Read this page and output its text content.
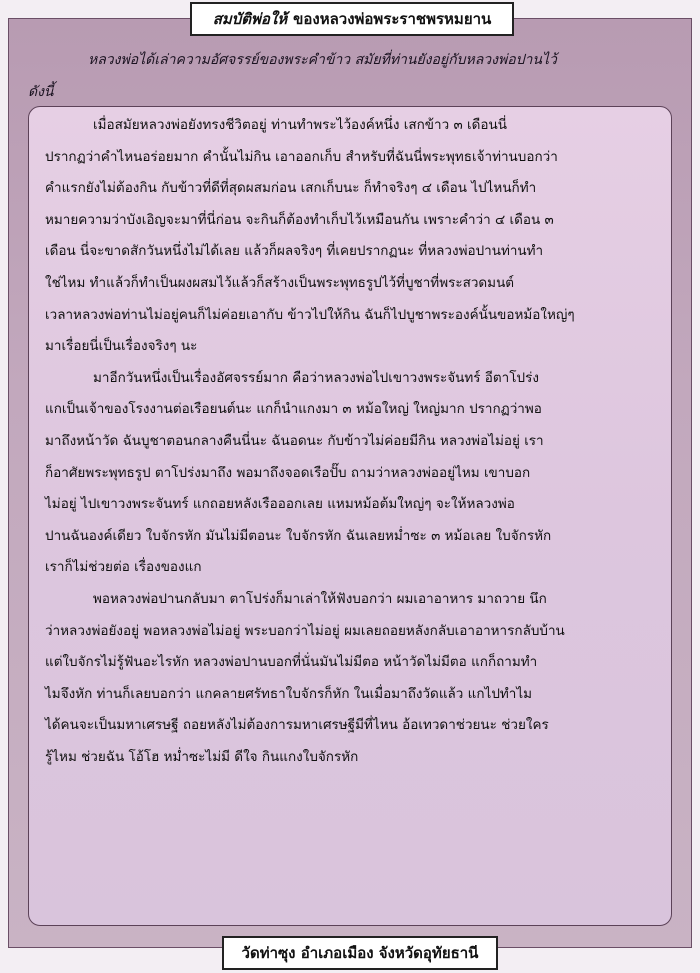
สมบัติพ่อให้ ของหลวงพ่อพระราชพรหมยาน
หลวงพ่อได้เล่าความอัศจรรย์ของพระคำข้าว สมัยที่ท่านยังอยู่กับหลวงพ่อปานไว้
ดังนี้
เมื่อสมัยหลวงพ่อยังทรงชีวิตอยู่ ท่านทำพระไว้องค์หนึ่ง เสกข้าว ๓ เดือนนี่
ปรากฏว่าคำไหนอร่อยมาก คำนั้นไม่กิน เอาออกเก็บ สำหรับที่ฉันนี่พระพุทธเจ้าท่านบอกว่า
คำแรกยังไม่ต้องกิน กับข้าวที่ดีที่สุดผสมก่อน เสกเก็บนะ ก็ทำจริงๆ ๔ เดือน ไปไหนก็ทำ
หมายความว่าบังเอิญจะมาที่นี่ก่อน จะกินก็ต้องทำเก็บไว้เหมือนกัน เพราะคำว่า ๔ เดือน ๓
เดือน นี่จะขาดสักวันหนึ่งไม่ได้เลย แล้วก็ผลจริงๆ ที่เคยปรากฏนะ ที่หลวงพ่อปานท่านทำ
ใช่ไหม ทำแล้วก็ทำเป็นผงผสมไว้แล้วก็สร้างเป็นพระพุทธรูปไว้ที่บูชาที่พระสวดมนต์
เวลาหลวงพ่อท่านไม่อยู่คนก็ไม่ค่อยเอากับ ข้าวไปให้กิน ฉันก็ไปบูชาพระองค์นั้นขอหม้อใหญ่ๆ
มาเรื่อยนี่เป็นเรื่องจริงๆ นะ
มาอีกวันหนึ่งเป็นเรื่องอัศจรรย์มาก คือว่าหลวงพ่อไปเขาวงพระจันทร์ อีตาโปร่ง
แกเป็นเจ้าของโรงงานต่อเรือยนต์นะ แกก็นำแกงมา ๓ หม้อใหญ่ ใหญ่มาก ปรากฏว่าพอ
มาถึงหน้าวัด ฉันบูชาตอนกลางคืนนี่นะ ฉันอดนะ กับข้าวไม่ค่อยมีกิน หลวงพ่อไม่อยู่ เรา
ก็อาศัยพระพุทธรูป ตาโปร่งมาถึง พอมาถึงจอดเรือปั๊บ ถามว่าหลวงพ่ออยู่ไหม เขาบอก
ไม่อยู่ ไปเขาวงพระจันทร์ แกถอยหลังเรือออกเลย แหมหม้อต้มใหญ่ๆ จะให้หลวงพ่อ
ปานฉันองค์เดียว ใบจักรหัก มันไม่มีตอนะ ใบจักรหัก ฉันเลยหม่ำซะ ๓ หม้อเลย ใบจักรหัก
เราก็ไม่ช่วยต่อ เรื่องของแก
พอหลวงพ่อปานกลับมา ตาโปร่งก็มาเล่าให้ฟังบอกว่า ผมเอาอาหาร มาถวาย นึก
ว่าหลวงพ่อยังอยู่ พอหลวงพ่อไม่อยู่ พระบอกว่าไม่อยู่ ผมเลยถอยหลังกลับเอาอาหารกลับบ้าน
แต่ใบจักรไม่รู้ฟันอะไรหัก หลวงพ่อปานบอกที่นั่นมันไม่มีตอ หน้าวัดไม่มีตอ แกก็ถามทำ
ไมจึงหัก ท่านก็เลยบอกว่า แกคลายศรัทธาใบจักรก็หัก ในเมื่อมาถึงวัดแล้ว แกไปทำไม
ได้คนจะเป็นมหาเศรษฐี ถอยหลังไม่ต้องการมหาเศรษฐีมีที่ไหน อ้อเทวดาช่วยนะ ช่วยใคร
รู้ไหม ช่วยฉัน โอ้โฮ หม่ำซะไม่มี ดีใจ กินแกงใบจักรหัก
วัดท่าซุง อำเภอเมือง จังหวัดอุทัยธานี
